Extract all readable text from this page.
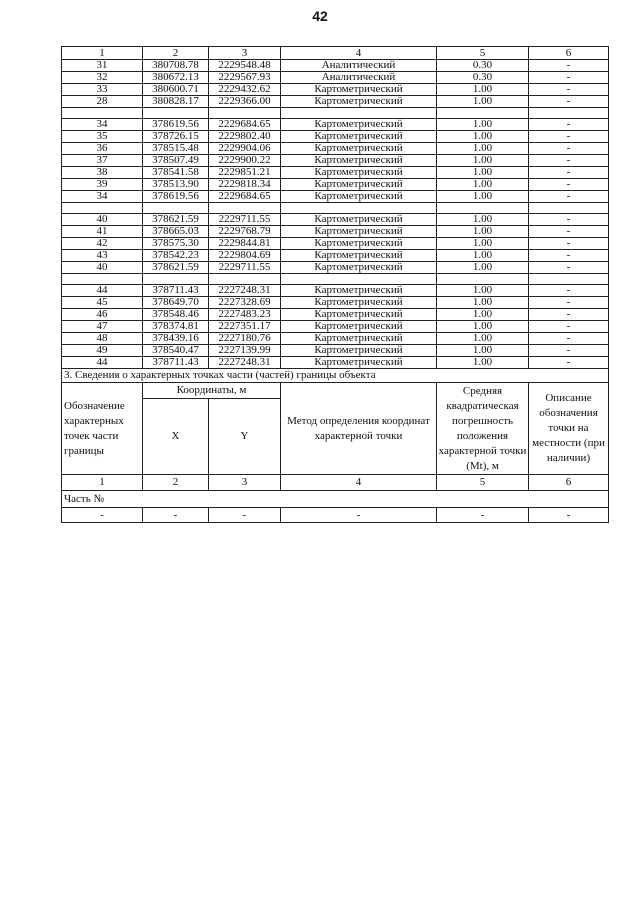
42
1	2	3	4	5	6
31	380708.78	2229548.48	Аналитический	0.30	-
32	380672.13	2229567.93	Аналитический	0.30	-
33	380600.71	2229432.62	Картометрический	1.00	-
28	380828.17	2229366.00	Картометрический	1.00	-

34	378619.56	2229684.65	Картометрический	1.00	-
35	378726.15	2229802.40	Картометрический	1.00	-
36	378515.48	2229904.06	Картометрический	1.00	-
37	378507.49	2229900.22	Картометрический	1.00	-
38	378541.58	2229851.21	Картометрический	1.00	-
39	378513.90	2229818.34	Картометрический	1.00	-
34	378619.56	2229684.65	Картометрический	1.00	-

40	378621.59	2229711.55	Картометрический	1.00	-
41	378665.03	2229768.79	Картометрический	1.00	-
42	378575.30	2229844.81	Картометрический	1.00	-
43	378542.23	2229804.69	Картометрический	1.00	-
40	378621.59	2229711.55	Картометрический	1.00	-

44	378711.43	2227248.31	Картометрический	1.00	-
45	378649.70	2227328.69	Картометрический	1.00	-
46	378548.46	2227483.23	Картометрический	1.00	-
47	378374.81	2227351.17	Картометрический	1.00	-
48	378439.16	2227180.76	Картометрический	1.00	-
49	378540.47	2227139.99	Картометрический	1.00	-
44	378711.43	2227248.31	Картометрический	1.00	-
3. Сведения о характерных точках части (частей) границы объекта					
Обозначение характерных точек части границы	Координаты, м		Метод определения координат характерной точки	Средняя квадратическая погрешность положения характерной точки (Mt), м	Описание обозначения точки на местности (при наличии)
	X	Y			
1	2	3	4	5	6
Часть №					
-	-	-	-	-	-
